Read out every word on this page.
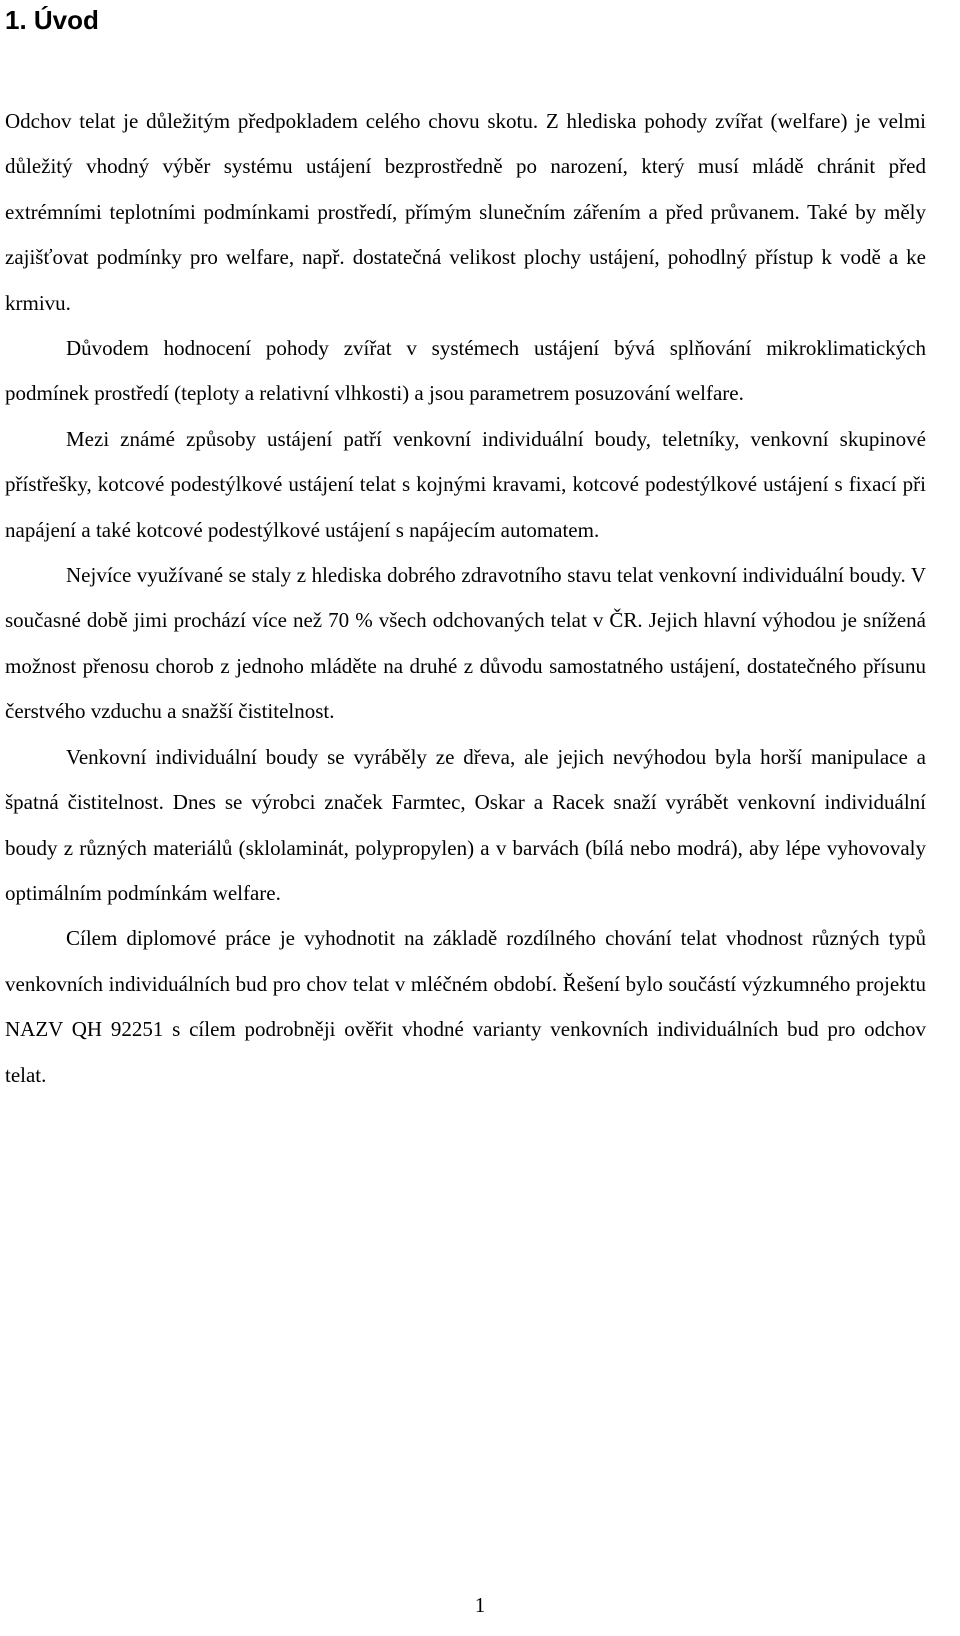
1. Úvod

Odchov telat je důležitým předpokladem celého chovu skotu. Z hlediska pohody zvířat (welfare) je velmi důležitý vhodný výběr systému ustájení bezprostředně po narození, který musí mládě chránit před extrémními teplotními podmínkami prostředí, přímým slunečním zářením a před průvanem. Také by měly zajišťovat podmínky pro welfare, např. dostatečná velikost plochy ustájení, pohodlný přístup k vodě a ke krmivu.

Důvodem hodnocení pohody zvířat v systémech ustájení bývá splňování mikroklimatických podmínek prostředí (teploty a relativní vlhkosti) a jsou parametrem posuzování welfare.

Mezi známé způsoby ustájení patří venkovní individuální boudy, teletníky, venkovní skupinové přístřešky, kotcové podestýlkové ustájení telat s kojnými kravami, kotcové podestýlkové ustájení s fixací při napájení a také kotcové podestýlkové ustájení s napájecím automatem.

Nejvíce využívané se staly z hlediska dobrého zdravotního stavu telat venkovní individuální boudy. V současné době jimi prochází více než 70 % všech odchovaných telat v ČR. Jejich hlavní výhodou je snížená možnost přenosu chorob z jednoho mláděte na druhé z důvodu samostatného ustájení, dostatečného přísunu čerstvého vzduchu a snažší čistitelnost.

Venkovní individuální boudy se vyráběly ze dřeva, ale jejich nevýhodou byla horší manipulace a špatná čistitelnost. Dnes se výrobci značek Farmtec, Oskar a Racek snaží vyrábět venkovní individuální boudy z různých materiálů (sklolaminát, polypropylen) a v barvách (bílá nebo modrá), aby lépe vyhovovaly optimálním podmínkám welfare.

Cílem diplomové práce je vyhodnotit na základě rozdílného chování telat vhodnost různých typů venkovních individuálních bud pro chov telat v mléčném období. Řešení bylo součástí výzkumného projektu NAZV QH 92251 s cílem podrobněji ověřit vhodné varianty venkovních individuálních bud pro odchov telat.

1
